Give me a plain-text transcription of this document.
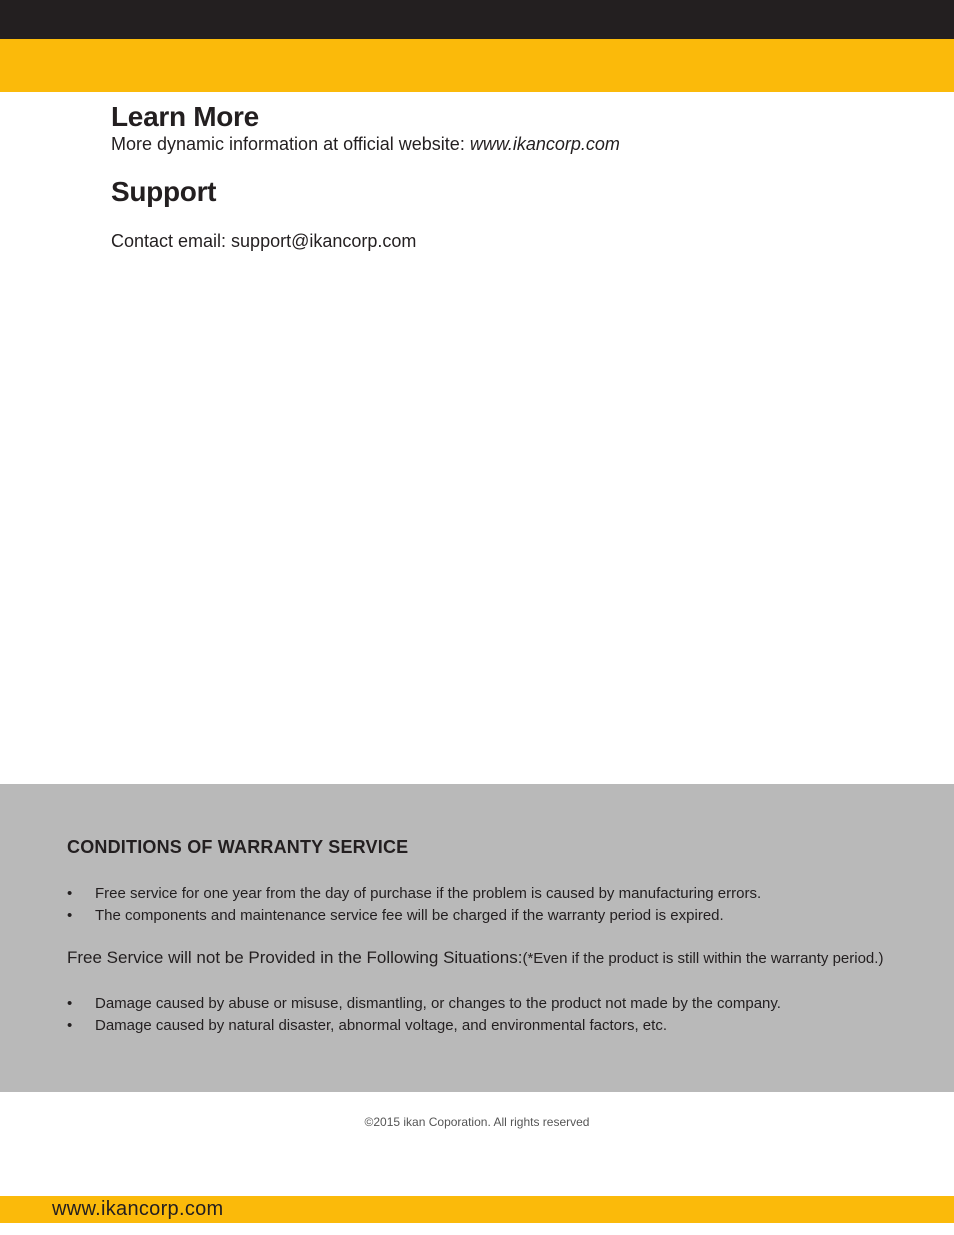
Learn More

More dynamic information at official website: www.ikancorp.com

Support

Contact email: support@ikancorp.com

CONDITIONS OF WARRANTY SERVICE
• Free service for one year from the day of purchase if the problem is caused by manufacturing errors.
• The components and maintenance service fee will be charged if the warranty period is expired.

Free Service will not be Provided in the Following Situations:(*Even if the product is still within the warranty period.)

• Damage caused by abuse or misuse, dismantling, or changes to the product not made by the company.
• Damage caused by natural disaster, abnormal voltage, and environmental factors, etc.

©2015 ikan Coporation. All rights reserved

www.ikancorp.com
